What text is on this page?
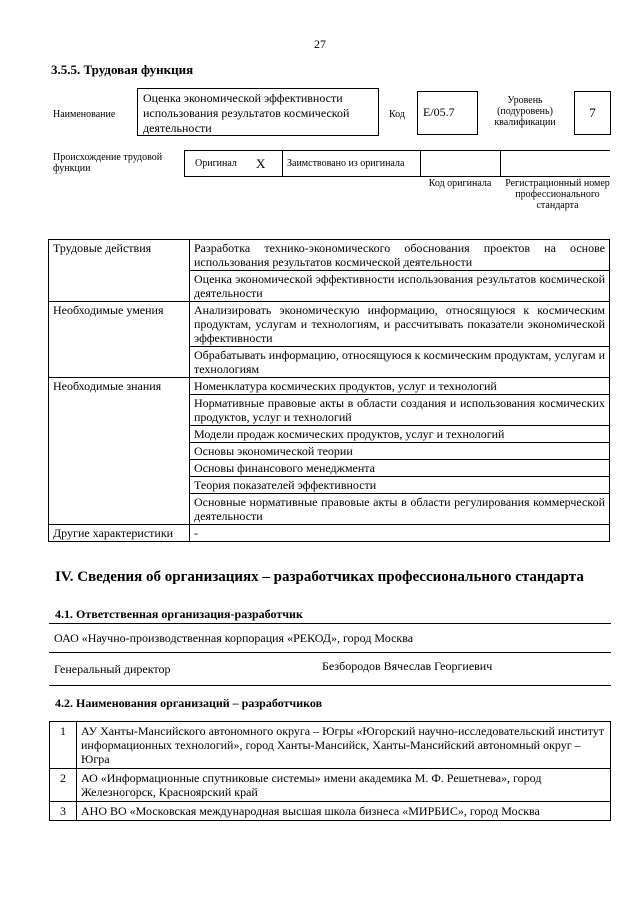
27
3.5.5. Трудовая функция
Наименование
Оценка экономической эффективности использования результатов космической деятельности
Код	E/05.7
Уровень (подуровень) квалификации
7
Происхождение трудовой функции	Оригинал	X	Заимствовано из оригинала
Код оригинала	Регистрационный номер профессионального стандарта
Трудовые действия	Разработка технико-экономического обоснования проектов на основе использования результатов космической деятельности
	Оценка экономической эффективности использования результатов космической деятельности
Необходимые умения	Анализировать экономическую информацию, относящуюся к космическим продуктам, услугам и технологиям, и рассчитывать показатели экономической эффективности
	Обрабатывать информацию, относящуюся к космическим продуктам, услугам и технологиям
Необходимые знания	Номенклатура космических продуктов, услуг и технологий
	Нормативные правовые акты в области создания и использования космических продуктов, услуг и технологий
	Модели продаж космических продуктов, услуг и технологий
	Основы экономической теории
	Основы финансового менеджмента
	Теория показателей эффективности
	Основные нормативные правовые акты в области регулирования коммерческой деятельности
Другие характеристики	-
IV. Сведения об организациях – разработчиках профессионального стандарта
4.1. Ответственная организация-разработчик
ОАО «Научно-производственная корпорация «РЕКОД», город Москва
Генеральный директор	Безбородов Вячеслав Георгиевич
4.2. Наименования организаций – разработчиков
1	АУ Ханты-Мансийского автономного округа – Югры «Югорский научно-исследовательский институт информационных технологий», город Ханты-Мансийск, Ханты-Мансийский автономный округ – Югра
2	АО «Информационные спутниковые системы» имени академика М. Ф. Решетнева», город Железногорск, Красноярский край
3	АНО ВО «Московская международная высшая школа бизнеса «МИРБИС», город Москва
